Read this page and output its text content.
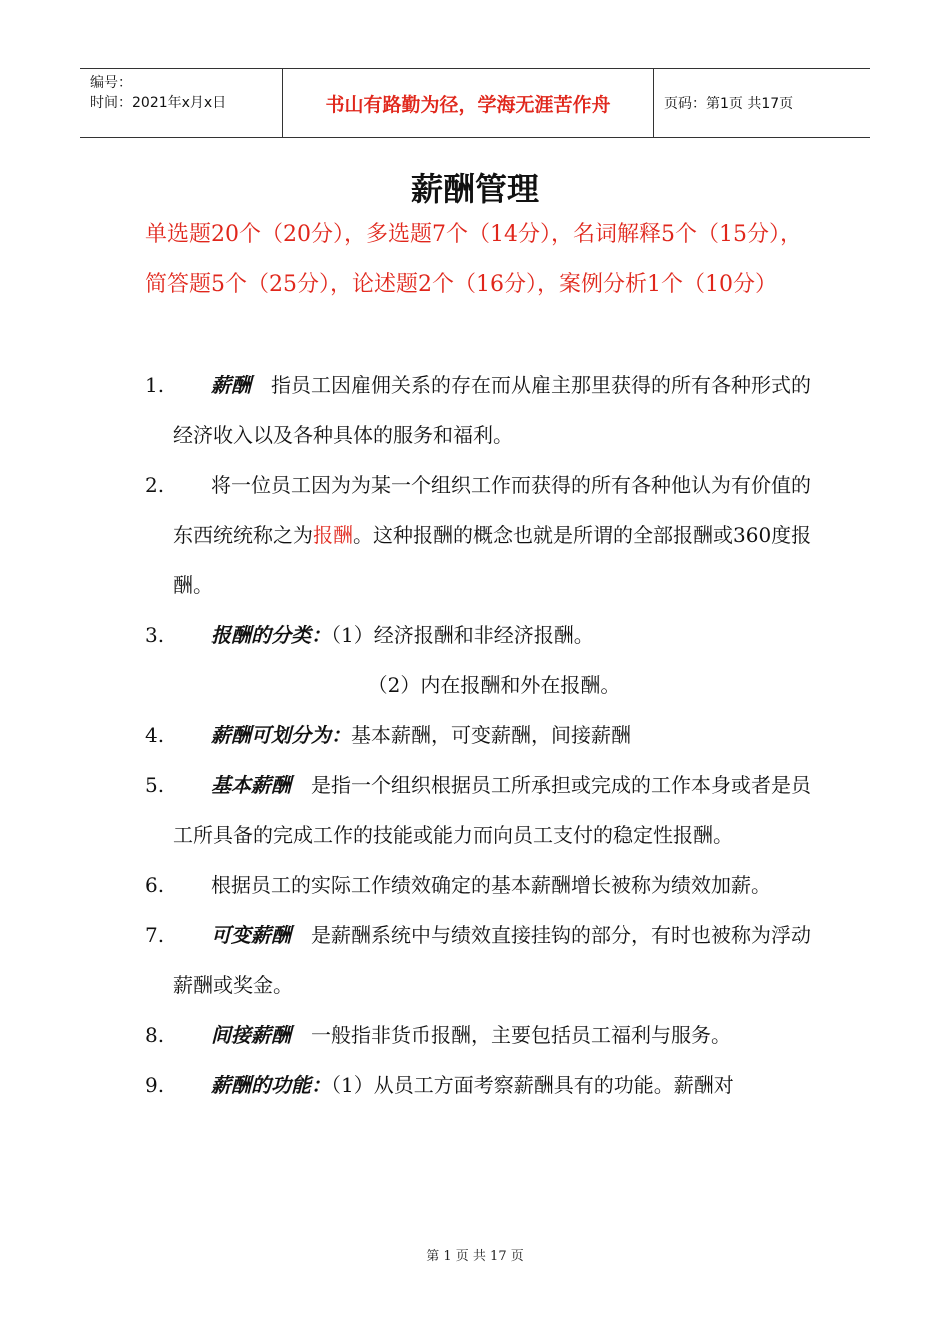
编号：
时间：2021年x月x日	书山有路勤为径，学海无涯苦作舟	页码：第1页 共17页
薪酬管理
单选题20个（20分），多选题7个（14分），名词解释5个（15分），简答题5个（25分），论述题2个（16分），案例分析1个（10分）
1.	薪酬　指员工因雇佣关系的存在而从雇主那里获得的所有各种形式的经济收入以及各种具体的服务和福利。
2.	将一位员工因为为某一个组织工作而获得的所有各种他认为有价值的东西统统称之为报酬。这种报酬的概念也就是所谓的全部报酬或360度报酬。
3.	报酬的分类：（1）经济报酬和非经济报酬。
（2）内在报酬和外在报酬。
4.	薪酬可划分为：基本薪酬，可变薪酬，间接薪酬
5.	基本薪酬　是指一个组织根据员工所承担或完成的工作本身或者是员工所具备的完成工作的技能或能力而向员工支付的稳定性报酬。
6.	根据员工的实际工作绩效确定的基本薪酬增长被称为绩效加薪。
7.	可变薪酬　是薪酬系统中与绩效直接挂钩的部分，有时也被称为浮动薪酬或奖金。
8.	间接薪酬　一般指非货币报酬，主要包括员工福利与服务。
9.	薪酬的功能：（1）从员工方面考察薪酬具有的功能。薪酬对
第 1 页 共 17 页
